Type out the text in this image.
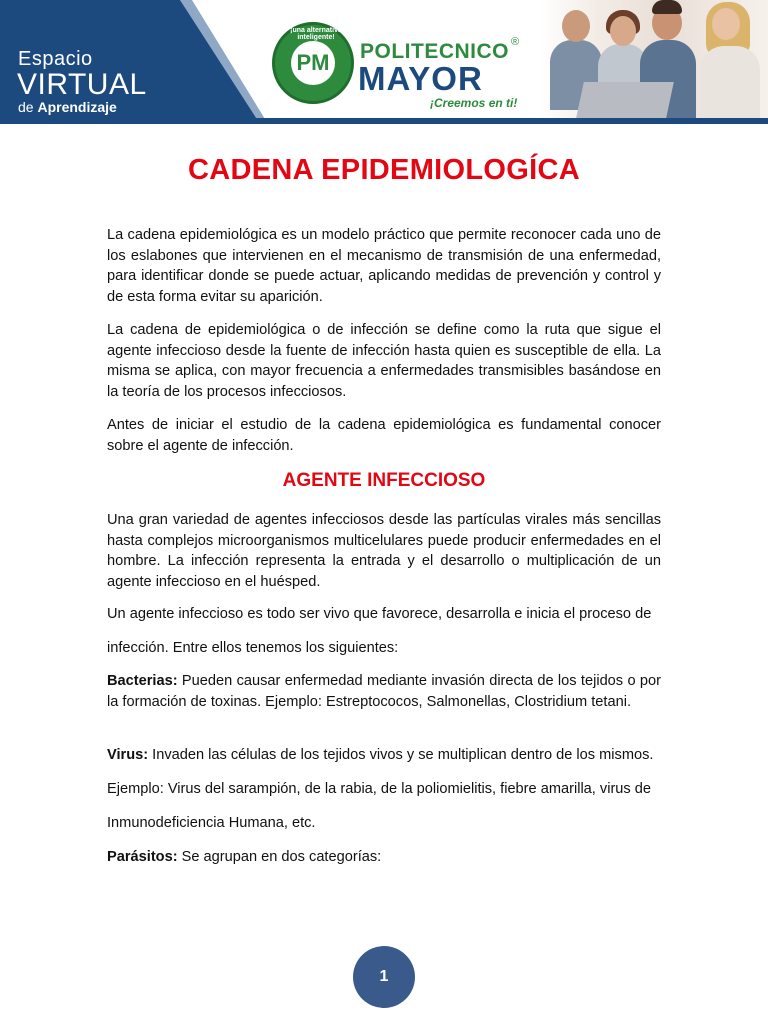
Espacio
VIRTUAL
de Aprendizaje
¡una alternativa inteligente!
PM POLITECNICO ®
MAYOR
¡Creemos en ti!
CADENA EPIDEMIOLOGÍCA

La cadena epidemiológica es un modelo práctico que permite reconocer cada uno de los eslabones que intervienen en el mecanismo de transmisión de una enfermedad, para identificar donde se puede actuar, aplicando medidas de prevención y control y de esta forma evitar su aparición.

La cadena de epidemiológica o de infección se define como la ruta que sigue el agente infeccioso desde la fuente de infección hasta quien es susceptible de ella. La misma se aplica, con mayor frecuencia a enfermedades transmisibles basándose en la teoría de los procesos infecciosos.

Antes de iniciar el estudio de la cadena epidemiológica es fundamental conocer sobre el agente de infección.

AGENTE INFECCIOSO

Una gran variedad de agentes infecciosos desde las partículas virales más sencillas hasta complejos microorganismos multicelulares puede producir enfermedades en el hombre. La infección representa la entrada y el desarrollo o multiplicación de un agente infeccioso en el huésped.

Un agente infeccioso es todo ser vivo que favorece, desarrolla e inicia el proceso de

infección. Entre ellos tenemos los siguientes:

Bacterias: Pueden causar enfermedad mediante invasión directa de los tejidos o por la formación de toxinas. Ejemplo: Estreptococos, Salmonellas, Clostridium tetani.

Virus: Invaden las células de los tejidos vivos y se multiplican dentro de los mismos.

Ejemplo: Virus del sarampión, de la rabia, de la poliomielitis, fiebre amarilla, virus de

Inmunodeficiencia Humana, etc.

Parásitos: Se agrupan en dos categorías:

1
